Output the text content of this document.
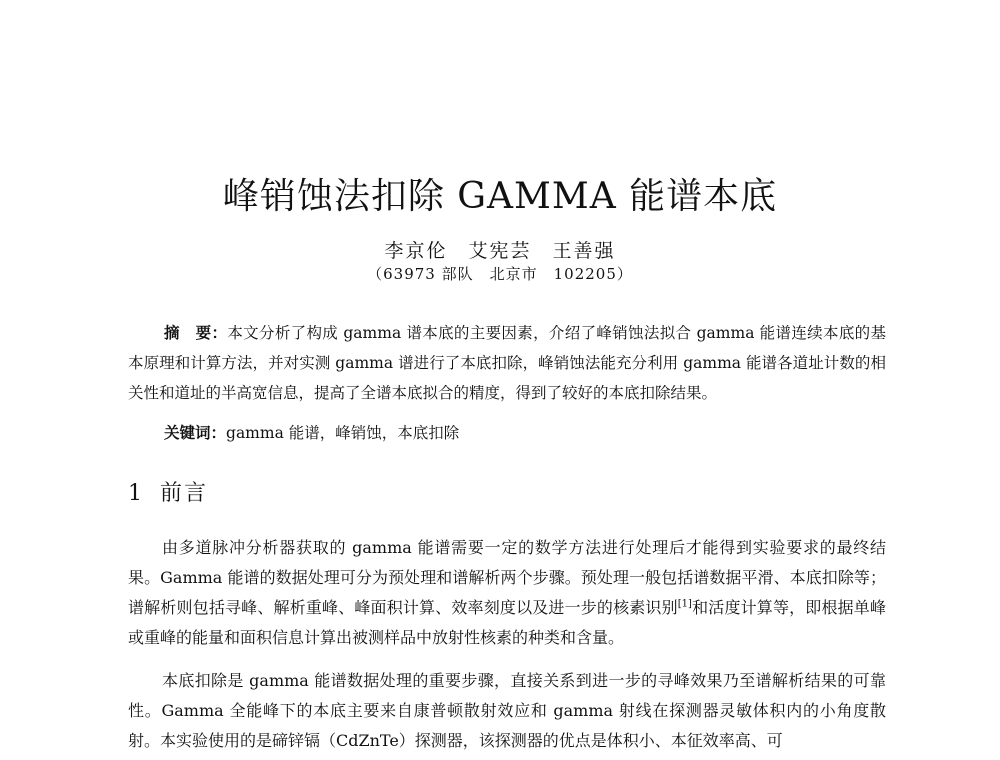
峰销蚀法扣除 GAMMA 能谱本底
李京伦　艾宪芸　王善强
（63973 部队　北京市　102205）
摘　要：本文分析了构成 gamma 谱本底的主要因素，介绍了峰销蚀法拟合 gamma 能谱连续本底的基本原理和计算方法，并对实测 gamma 谱进行了本底扣除，峰销蚀法能充分利用 gamma 能谱各道址计数的相关性和道址的半高宽信息，提高了全谱本底拟合的精度，得到了较好的本底扣除结果。
关键词：gamma 能谱，峰销蚀，本底扣除
1 前言
由多道脉冲分析器获取的 gamma 能谱需要一定的数学方法进行处理后才能得到实验要求的最终结果。Gamma 能谱的数据处理可分为预处理和谱解析两个步骤。预处理一般包括谱数据平滑、本底扣除等；谱解析则包括寻峰、解析重峰、峰面积计算、效率刻度以及进一步的核素识别[1]和活度计算等，即根据单峰或重峰的能量和面积信息计算出被测样品中放射性核素的种类和含量。
本底扣除是 gamma 能谱数据处理的重要步骤，直接关系到进一步的寻峰效果乃至谱解析结果的可靠性。Gamma 全能峰下的本底主要来自康普顿散射效应和 gamma 射线在探测器灵敏体积内的小角度散射。本实验使用的是碲锌镉（CdZnTe）探测器，该探测器的优点是体积小、本征效率高、可
